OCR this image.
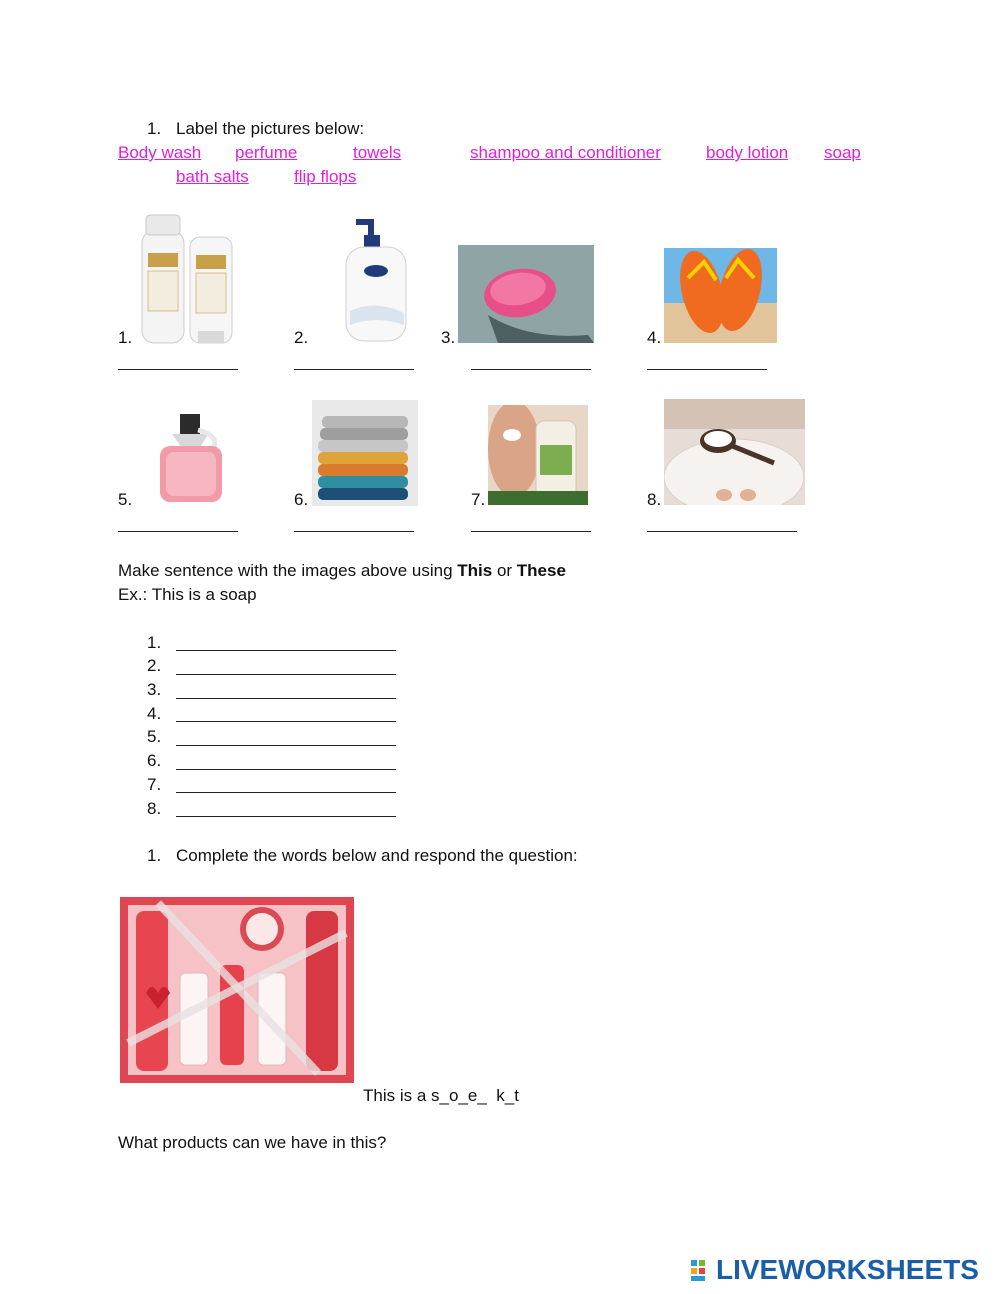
1. Label the pictures below:
Body wash perfume	towels	shampoo and conditioner	body lotion soap
bath salts	flip flops
1.	2.	3.	4.
5.	6.	7.	8.
Make sentence with the images above using This or These
Ex.: This is a soap
1.
2.
3.
4.
5.
6.
7.
8.
1. Complete the words below and respond the question:
This is a s_o_e_  k_t
What products can we have in this?
LIVEWORKSHEETS
